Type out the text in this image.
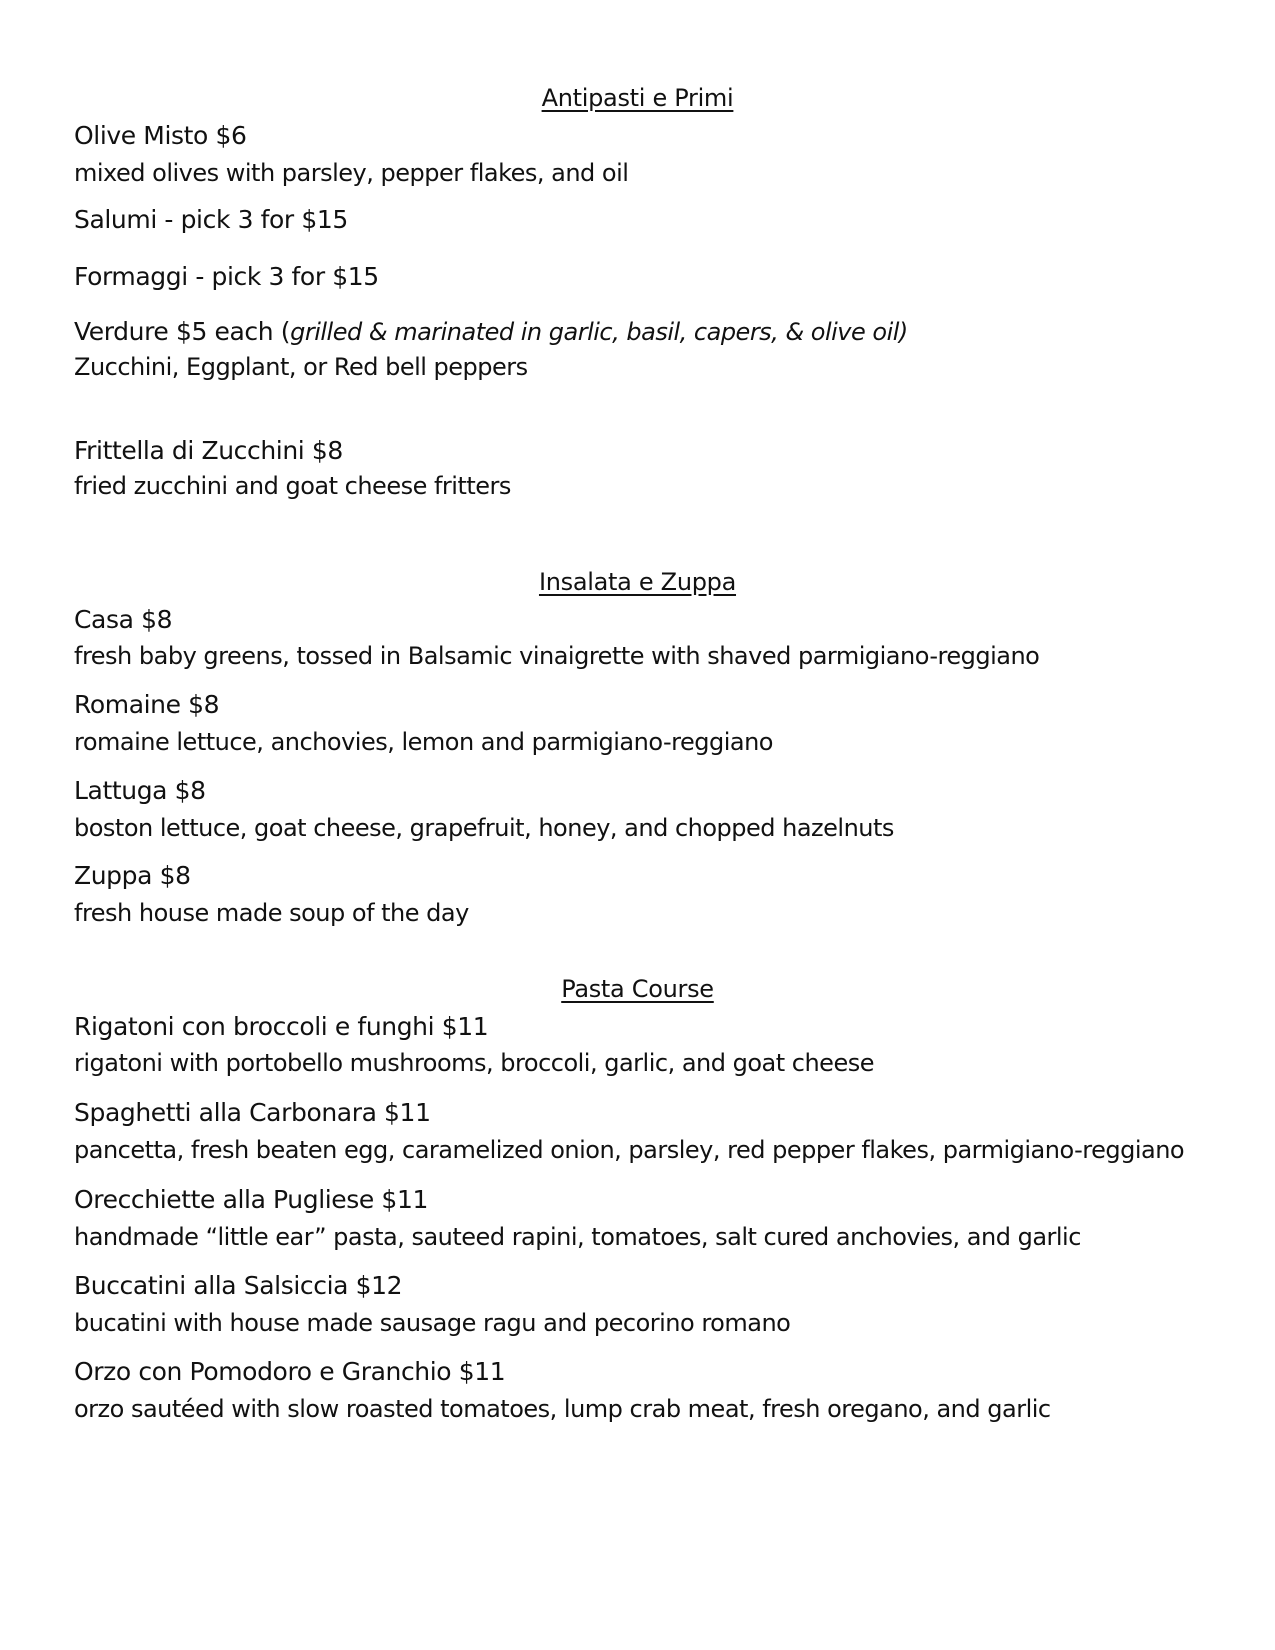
Antipasti e Primi
Olive Misto $6
mixed olives with parsley, pepper flakes, and oil
Salumi - pick 3 for $15
Formaggi - pick 3 for $15
Verdure $5 each (grilled & marinated in garlic, basil, capers, & olive oil)
Zucchini, Eggplant, or Red bell peppers
Frittella di Zucchini $8
fried zucchini and goat cheese fritters
Insalata e Zuppa
Casa $8
fresh baby greens, tossed in Balsamic vinaigrette with shaved parmigiano-reggiano
Romaine $8
romaine lettuce, anchovies, lemon and parmigiano-reggiano
Lattuga $8
boston lettuce, goat cheese, grapefruit, honey, and chopped hazelnuts
Zuppa $8
fresh house made soup of the day
Pasta Course
Rigatoni con broccoli e funghi $11
rigatoni with portobello mushrooms, broccoli, garlic, and goat cheese
Spaghetti alla Carbonara $11
pancetta, fresh beaten egg, caramelized onion, parsley, red pepper flakes, parmigiano-reggiano
Orecchiette alla Pugliese $11
handmade “little ear” pasta, sauteed rapini, tomatoes, salt cured anchovies, and garlic
Buccatini alla Salsiccia $12
bucatini with house made sausage ragu and pecorino romano
Orzo con Pomodoro e Granchio $11
orzo sautéed with slow roasted tomatoes, lump crab meat, fresh oregano, and garlic
